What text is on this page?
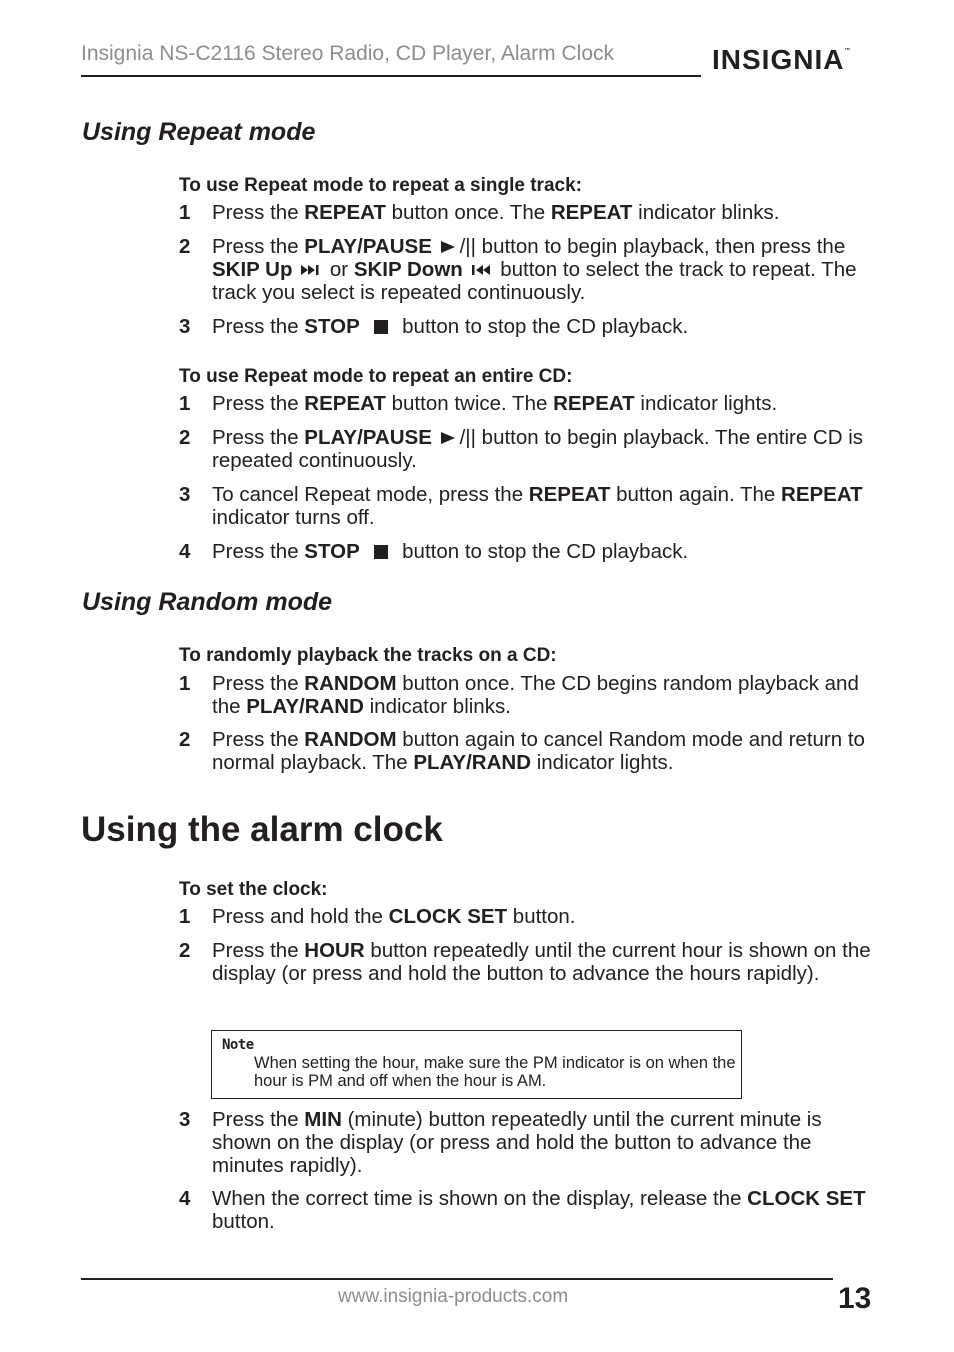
Insignia NS-C2116 Stereo Radio, CD Player, Alarm Clock	INSIGNIA™
Using Repeat mode
To use Repeat mode to repeat a single track:
1 Press the REPEAT button once. The REPEAT indicator blinks.
2 Press the PLAY/PAUSE /|| button to begin playback, then press the SKIP Up
or SKIP Down
button to select the track to repeat. The track you select is repeated continuously.
3 Press the STOP
button to stop the CD playback.
To use Repeat mode to repeat an entire CD:
1 Press the REPEAT button twice. The REPEAT indicator lights.
2 Press the PLAY/PAUSE /|| button to begin playback. The entire CD is repeated continuously.
3 To cancel Repeat mode, press the REPEAT button again. The REPEAT indicator turns off.
4 Press the STOP
button to stop the CD playback.
Using Random mode
To randomly playback the tracks on a CD:
1 Press the RANDOM button once. The CD begins random playback and the PLAY/RAND indicator blinks.
2 Press the RANDOM button again to cancel Random mode and return to normal playback. The PLAY/RAND indicator lights.
Using the alarm clock
To set the clock:
1 Press and hold the CLOCK SET button.
2 Press the HOUR button repeatedly until the current hour is shown on the display (or press and hold the button to advance the hours rapidly).
Note
When setting the hour, make sure the PM indicator is on when the hour is PM and off when the hour is AM.
3 Press the MIN (minute) button repeatedly until the current minute is shown on the display (or press and hold the button to advance the minutes rapidly).
4 When the correct time is shown on the display, release the CLOCK SET button.
www.insignia-products.com	13
